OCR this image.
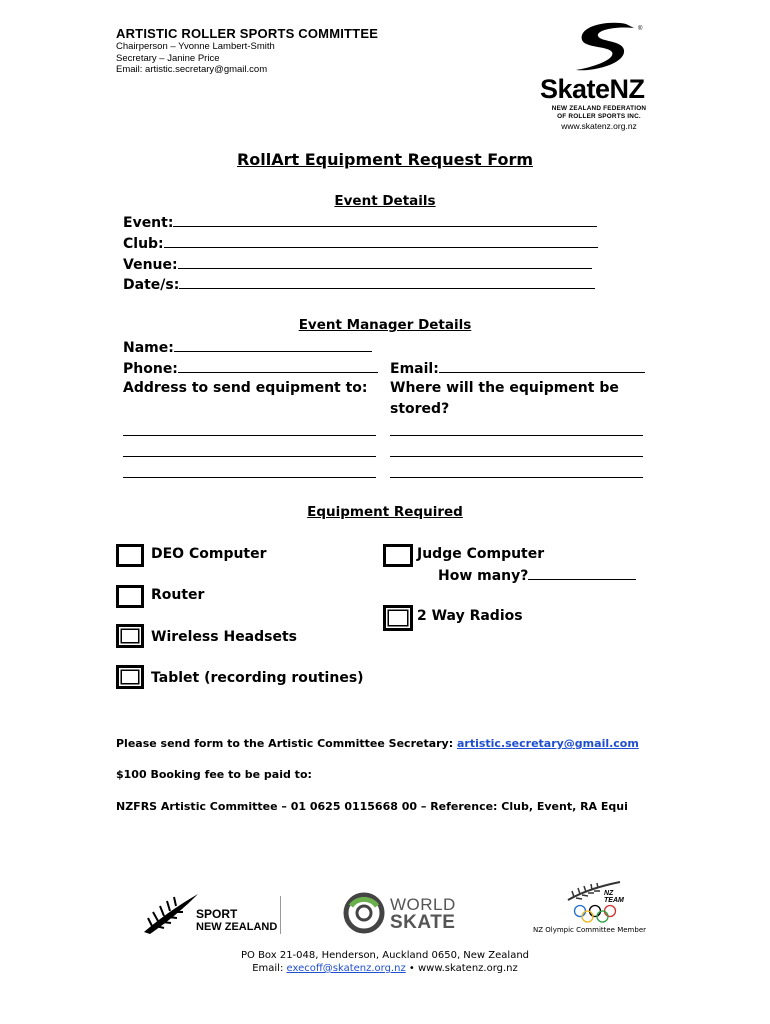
ARTISTIC ROLLER SPORTS COMMITTEE
Chairperson – Yvonne Lambert-Smith
Secretary – Janine Price
Email: artistic.secretary@gmail.com
®
SkateNZ
NEW ZEALAND FEDERATION
OF ROLLER SPORTS INC.
www.skatenz.org.nz
RollArt Equipment Request Form
Event Details
Event:
Club:
Venue:
Date/s:
Event Manager Details
Name:
Phone:	Email:
Address to send equipment to: Where will the equipment be
stored?
Equipment Required
DEO Computer
Router
Wireless Headsets
Tablet (recording routines)
Judge Computer
How many?
2 Way Radios
Please send form to the Artistic Committee Secretary: artistic.secretary@gmail.com
$100 Booking fee to be paid to:
NZFRS Artistic Committee – 01 0625 0115668 00 – Reference: Club, Event, RA Equi
SPORT
NEW ZEALAND
WORLD
SKATE
NZ
TEAM
NZ Olympic Committee Member
PO Box 21-048, Henderson, Auckland 0650, New Zealand
Email: execoff@skatenz.org.nz • www.skatenz.org.nz
